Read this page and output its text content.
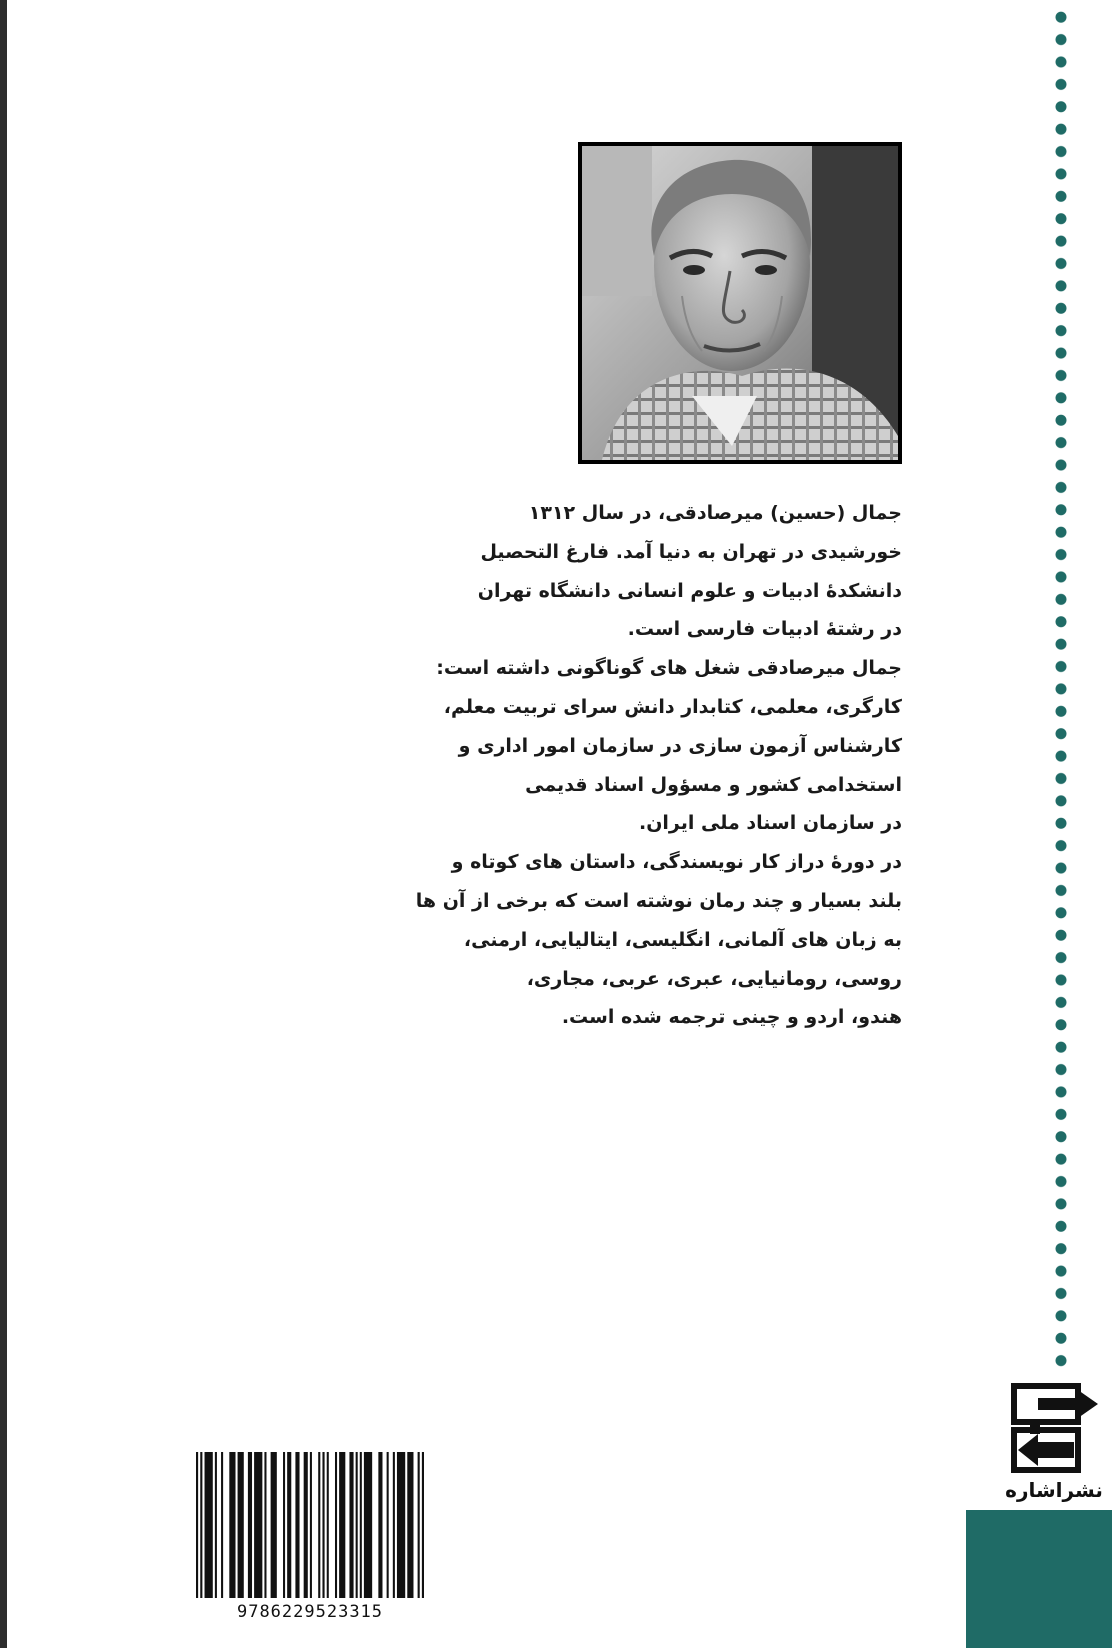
جمال (حسین) میرصادقی، در سال ۱۳۱۲
خورشیدی در تهران به دنیا آمد. فارغ التحصیل
دانشکدهٔ ادبیات و علوم انسانی دانشگاه تهران
در رشتهٔ ادبیات فارسی است.
جمال میرصادقی شغل های گوناگونی داشته است:
کارگری، معلمی، کتابدار دانش سرای تربیت معلم،
کارشناس آزمون سازی در سازمان امور اداری و
استخدامی کشور و مسؤول اسناد قدیمی
در سازمان اسناد ملی ایران.
در دورهٔ دراز کار نویسندگی، داستان های کوتاه و
بلند بسیار و چند رمان نوشته است که برخی از آن ها
به زبان های آلمانی، انگلیسی، ایتالیایی، ارمنی،
روسی، رومانیایی، عبری، عربی، مجاری،
هندو، اردو و چینی ترجمه شده است.
9786229523315
نشراشاره
